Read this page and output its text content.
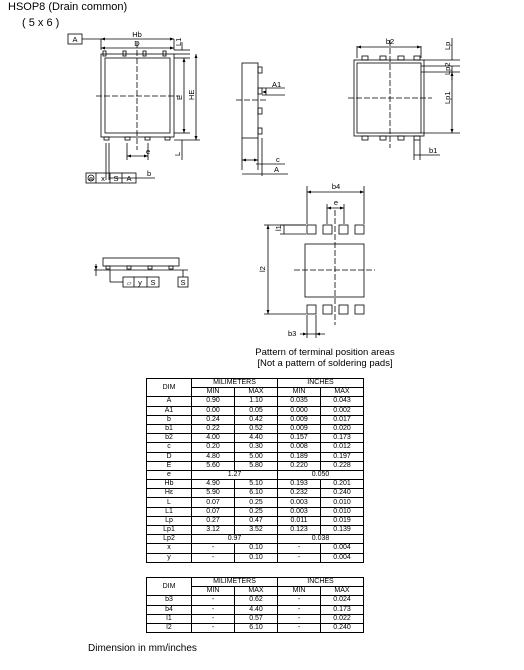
HSOP8 (Drain common)
( 5 x 6 )
A
Hb
D	L1
E HE
L
e
b
⊕ x S A
A1
c
A
b2	Lp
Lp2
Lp1
b1
⏥ y S	S
b4
e
l1
l2
b3
Pattern of terminal position areas
[Not a pattern of soldering pads]
DIM	MILIMETERS		INCHES	
	MIN	MAX	MIN	MAX
A	0.90	1.10	0.035	0.043
A1	0.00	0.05	0.000	0.002
b	0.24	0.42	0.009	0.017
b1	0.22	0.52	0.009	0.020
b2	4.00	4.40	0.157	0.173
c	0.20	0.30	0.008	0.012
D	4.80	5.00	0.189	0.197
E	5.60	5.80	0.220	0.228
e	1.27		0.050	
Hb	4.90	5.10	0.193	0.201
Hε	5.90	6.10	0.232	0.240
L	0.07	0.25	0.003	0.010
L1	0.07	0.25	0.003	0.010
Lp	0.27	0.47	0.011	0.019
Lp1	3.12	3.52	0.123	0.139
Lp2	0.97		0.038	
x	-	0.10	-	0.004
y	-	0.10	-	0.004
DIM	MILIMETERS		INCHES	
	MIN	MAX	MIN	MAX
b3	-	0.62	-	0.024
b4	-	4.40	-	0.173
l1	-	0.57	-	0.022
l2	-	6.10	-	0.240
Dimension in mm/inches
